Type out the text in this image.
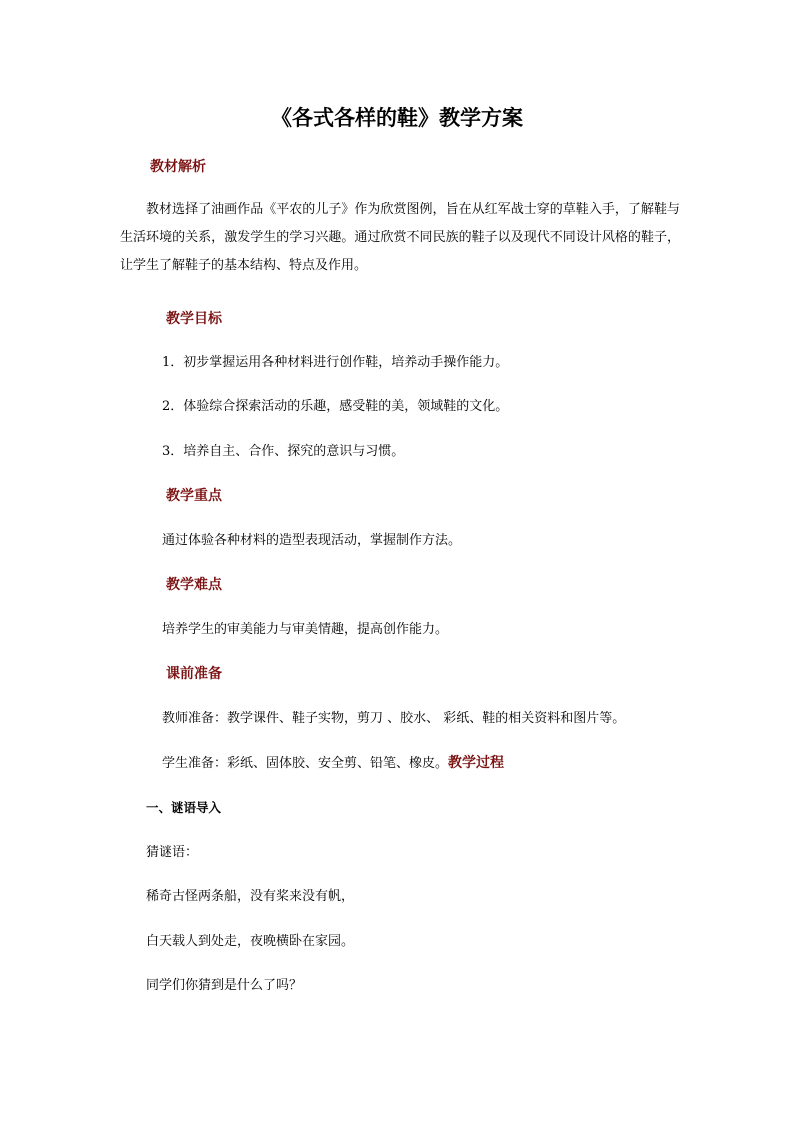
《各式各样的鞋》教学方案
教材解析
教材选择了油画作品《平农的儿子》作为欣赏图例，旨在从红军战士穿的草鞋入手，了解鞋与生活环境的关系，激发学生的学习兴趣。通过欣赏不同民族的鞋子以及现代不同设计风格的鞋子，让学生了解鞋子的基本结构、特点及作用。
教学目标
1．初步掌握运用各种材料进行创作鞋，培养动手操作能力。
2．体验综合探索活动的乐趣，感受鞋的美，领域鞋的文化。
3．培养自主、合作、探究的意识与习惯。
教学重点
通过体验各种材料的造型表现活动，掌握制作方法。
教学难点
培养学生的审美能力与审美情趣，提高创作能力。
课前准备
教师准备：教学课件、鞋子实物，剪刀 、胶水、 彩纸、鞋的相关资料和图片等。
学生准备：彩纸、固体胶、安全剪、铅笔、橡皮。教学过程
一、谜语导入
猜谜语：
稀奇古怪两条船，没有桨来没有帆，
白天载人到处走，夜晚横卧在家园。
同学们你猜到是什么了吗？
